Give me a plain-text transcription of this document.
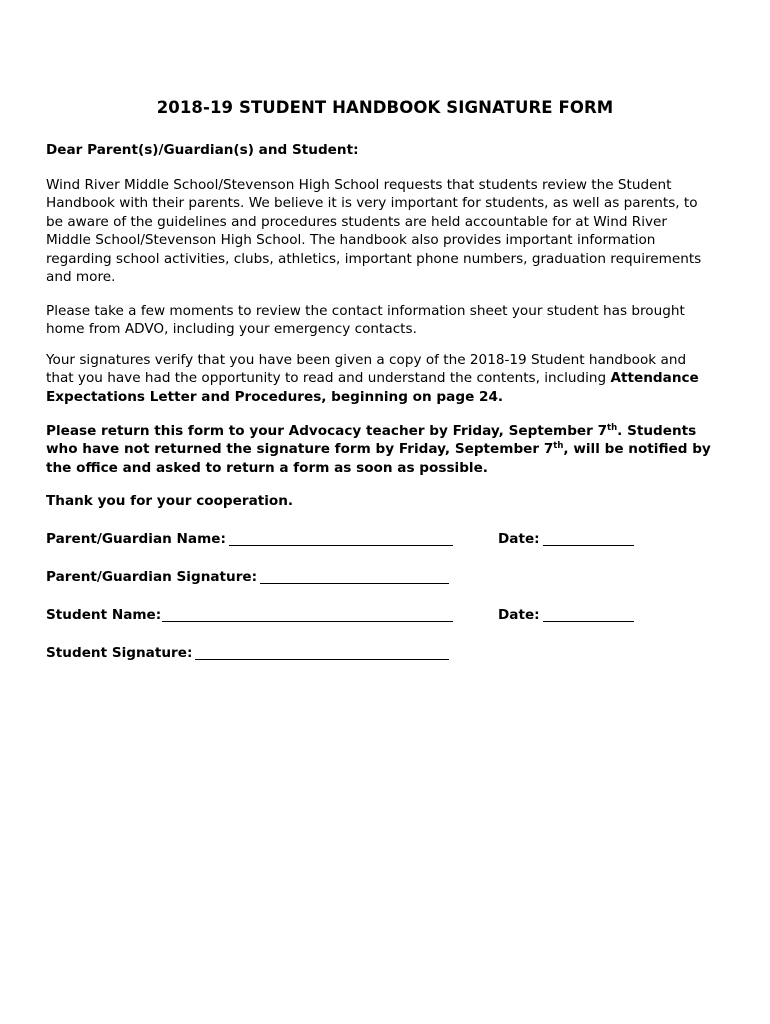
2018-19 STUDENT HANDBOOK SIGNATURE FORM

Dear Parent(s)/Guardian(s) and Student:

Wind River Middle School/Stevenson High School requests that students review the Student
Handbook with their parents. We believe it is very important for students, as well as parents, to
be aware of the guidelines and procedures students are held accountable for at Wind River
Middle School/Stevenson High School. The handbook also provides important information
regarding school activities, clubs, athletics, important phone numbers, graduation requirements
and more.
Please take a few moments to review the contact information sheet your student has brought
home from ADVO, including your emergency contacts.
Your signatures verify that you have been given a copy of the 2018-19 Student handbook and
that you have had the opportunity to read and understand the contents, including Attendance
Expectations Letter and Procedures, beginning on page 24.
Please return this form to your Advocacy teacher by Friday, September 7th. Students
who have not returned the signature form by Friday, September 7th, will be notified by
the office and asked to return a form as soon as possible.

Thank you for your cooperation.

Parent/Guardian Name:	Date:
Parent/Guardian Signature:
Student Name:	Date:
Student Signature:
